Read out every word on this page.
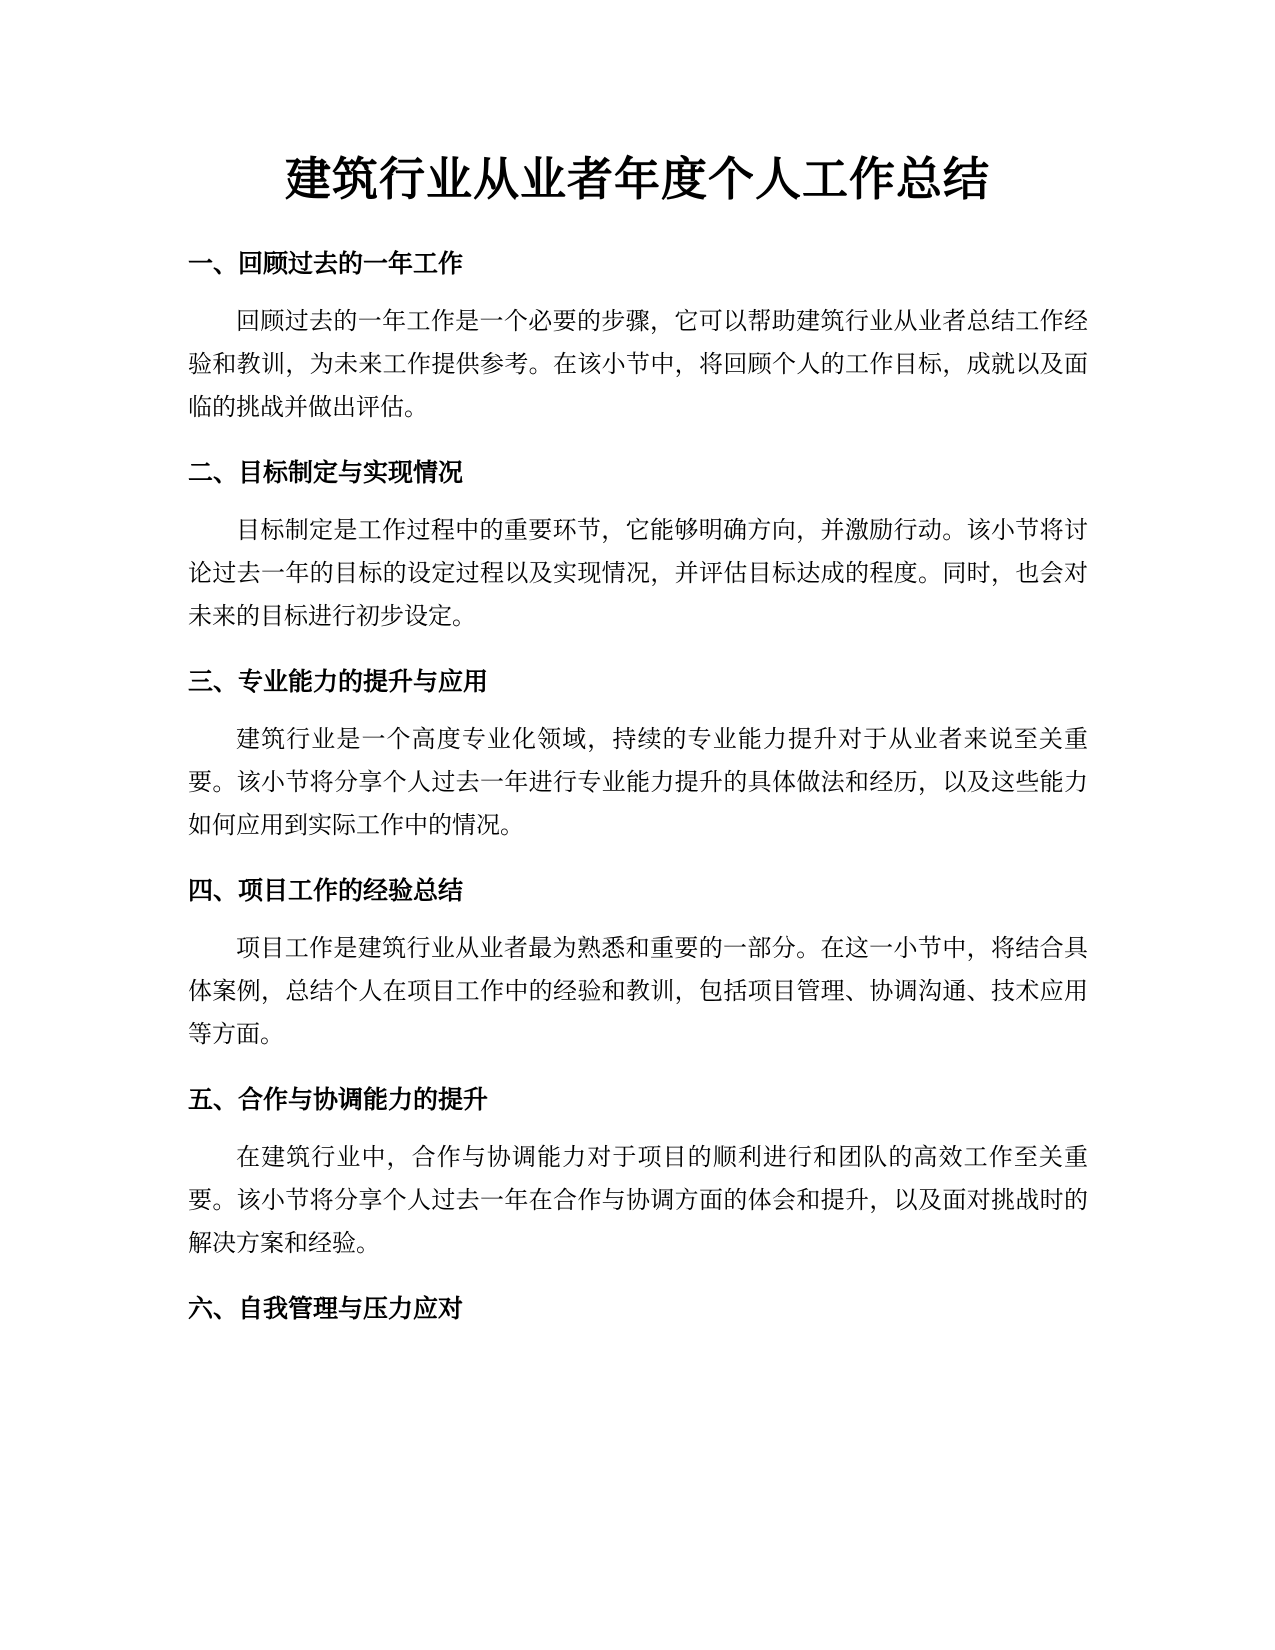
建筑行业从业者年度个人工作总结
一、回顾过去的一年工作

回顾过去的一年工作是一个必要的步骤，它可以帮助建筑行业从业者总结工作经验和教训，为未来工作提供参考。在该小节中，将回顾个人的工作目标，成就以及面临的挑战并做出评估。

二、目标制定与实现情况

目标制定是工作过程中的重要环节，它能够明确方向，并激励行动。该小节将讨论过去一年的目标的设定过程以及实现情况，并评估目标达成的程度。同时，也会对未来的目标进行初步设定。

三、专业能力的提升与应用

建筑行业是一个高度专业化领域，持续的专业能力提升对于从业者来说至关重要。该小节将分享个人过去一年进行专业能力提升的具体做法和经历，以及这些能力如何应用到实际工作中的情况。

四、项目工作的经验总结

项目工作是建筑行业从业者最为熟悉和重要的一部分。在这一小节中，将结合具体案例，总结个人在项目工作中的经验和教训，包括项目管理、协调沟通、技术应用等方面。

五、合作与协调能力的提升

在建筑行业中，合作与协调能力对于项目的顺利进行和团队的高效工作至关重要。该小节将分享个人过去一年在合作与协调方面的体会和提升，以及面对挑战时的解决方案和经验。

六、自我管理与压力应对
